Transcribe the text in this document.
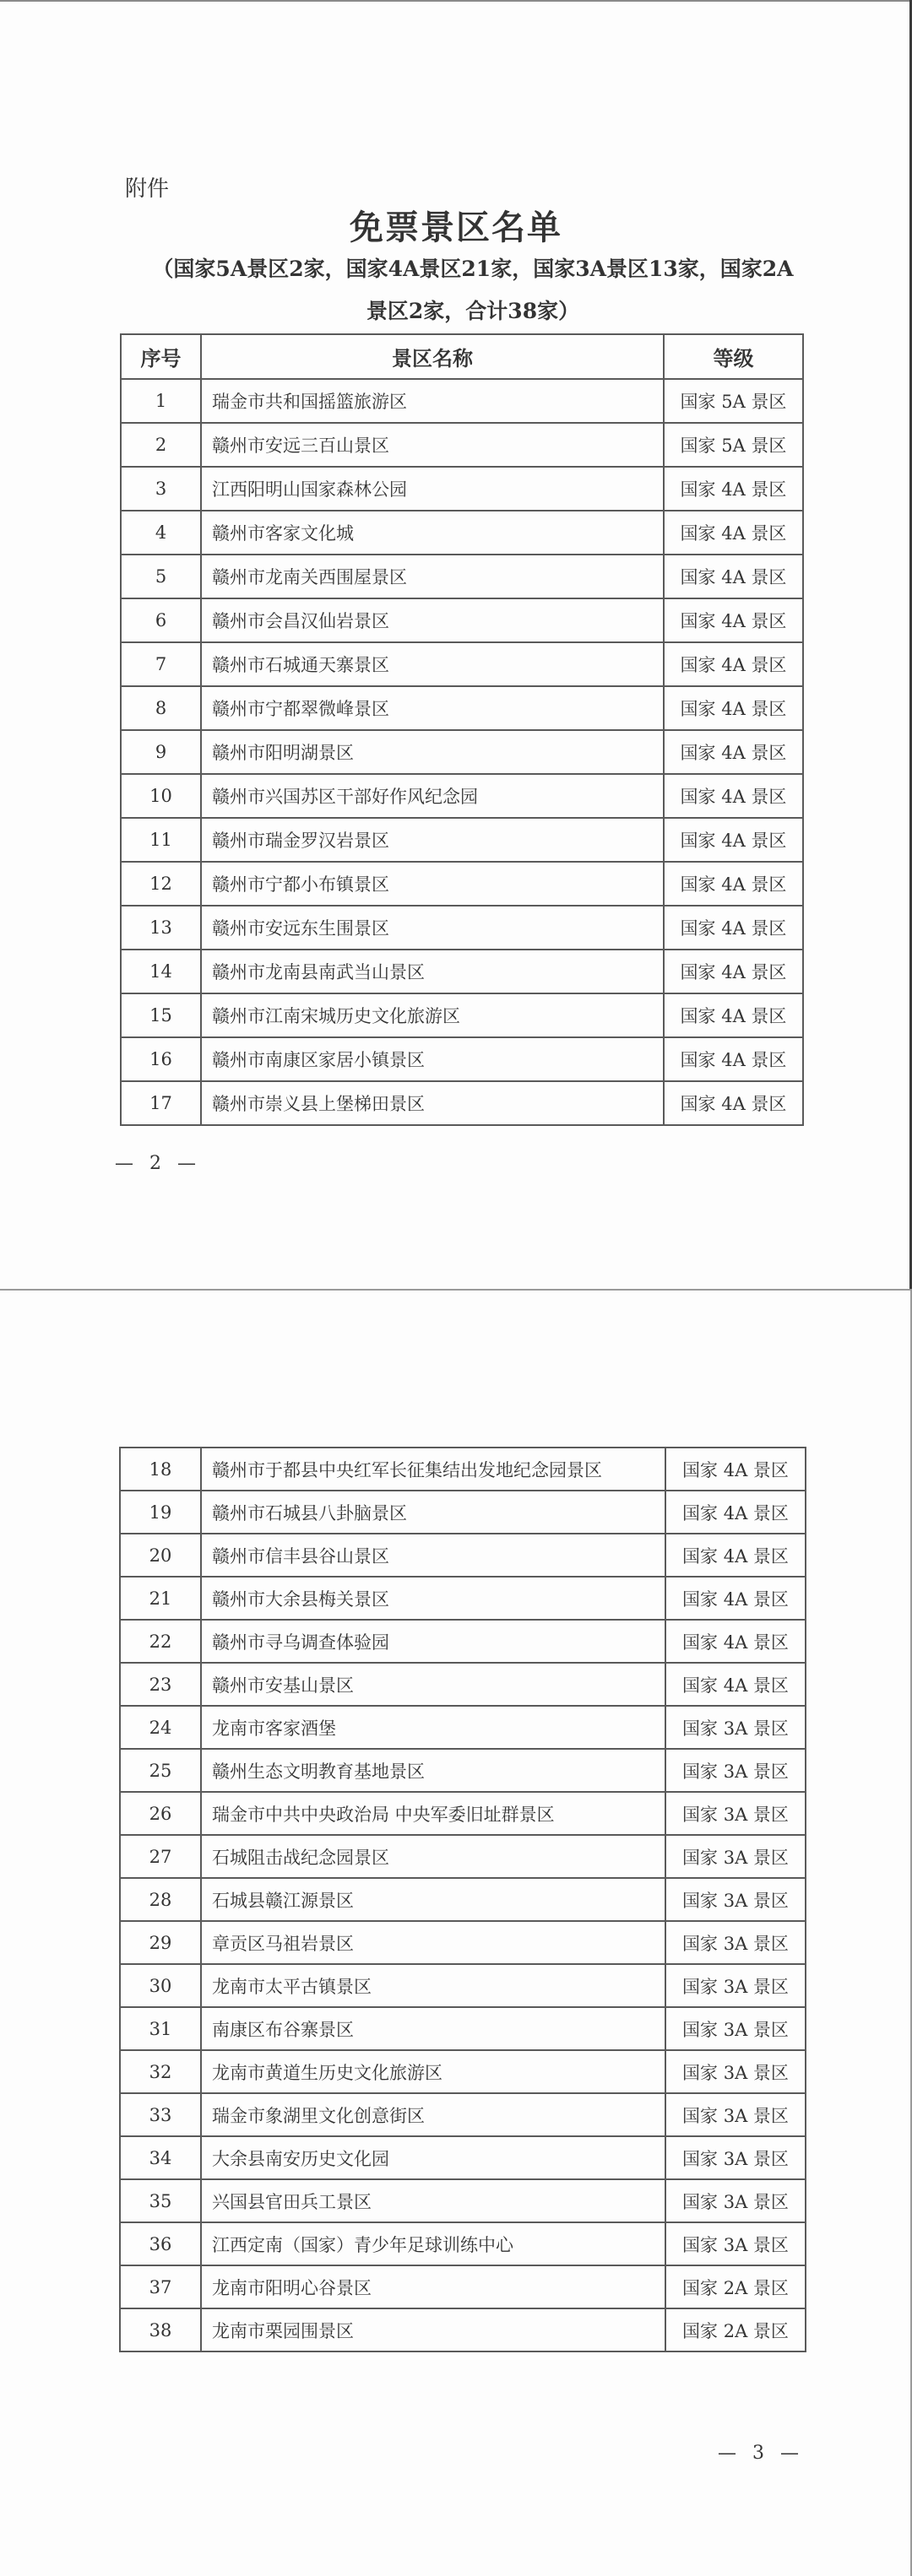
附件
免票景区名单
（国家5A景区2家，国家4A景区21家，国家3A景区13家，国家2A
景区2家，合计38家）
序号	景区名称	等级
1	瑞金市共和国摇篮旅游区	国家 5A 景区
2	赣州市安远三百山景区	国家 5A 景区
3	江西阳明山国家森林公园	国家 4A 景区
4	赣州市客家文化城	国家 4A 景区
5	赣州市龙南关西围屋景区	国家 4A 景区
6	赣州市会昌汉仙岩景区	国家 4A 景区
7	赣州市石城通天寨景区	国家 4A 景区
8	赣州市宁都翠微峰景区	国家 4A 景区
9	赣州市阳明湖景区	国家 4A 景区
10	赣州市兴国苏区干部好作风纪念园	国家 4A 景区
11	赣州市瑞金罗汉岩景区	国家 4A 景区
12	赣州市宁都小布镇景区	国家 4A 景区
13	赣州市安远东生围景区	国家 4A 景区
14	赣州市龙南县南武当山景区	国家 4A 景区
15	赣州市江南宋城历史文化旅游区	国家 4A 景区
16	赣州市南康区家居小镇景区	国家 4A 景区
17	赣州市崇义县上堡梯田景区	国家 4A 景区
— 2 —
18	赣州市于都县中央红军长征集结出发地纪念园景区	国家 4A 景区
19	赣州市石城县八卦脑景区	国家 4A 景区
20	赣州市信丰县谷山景区	国家 4A 景区
21	赣州市大余县梅关景区	国家 4A 景区
22	赣州市寻乌调查体验园	国家 4A 景区
23	赣州市安基山景区	国家 4A 景区
24	龙南市客家酒堡	国家 3A 景区
25	赣州生态文明教育基地景区	国家 3A 景区
26	瑞金市中共中央政治局 中央军委旧址群景区	国家 3A 景区
27	石城阻击战纪念园景区	国家 3A 景区
28	石城县赣江源景区	国家 3A 景区
29	章贡区马祖岩景区	国家 3A 景区
30	龙南市太平古镇景区	国家 3A 景区
31	南康区布谷寨景区	国家 3A 景区
32	龙南市黄道生历史文化旅游区	国家 3A 景区
33	瑞金市象湖里文化创意街区	国家 3A 景区
34	大余县南安历史文化园	国家 3A 景区
35	兴国县官田兵工景区	国家 3A 景区
36	江西定南（国家）青少年足球训练中心	国家 3A 景区
37	龙南市阳明心谷景区	国家 2A 景区
38	龙南市栗园围景区	国家 2A 景区
— 3 —
